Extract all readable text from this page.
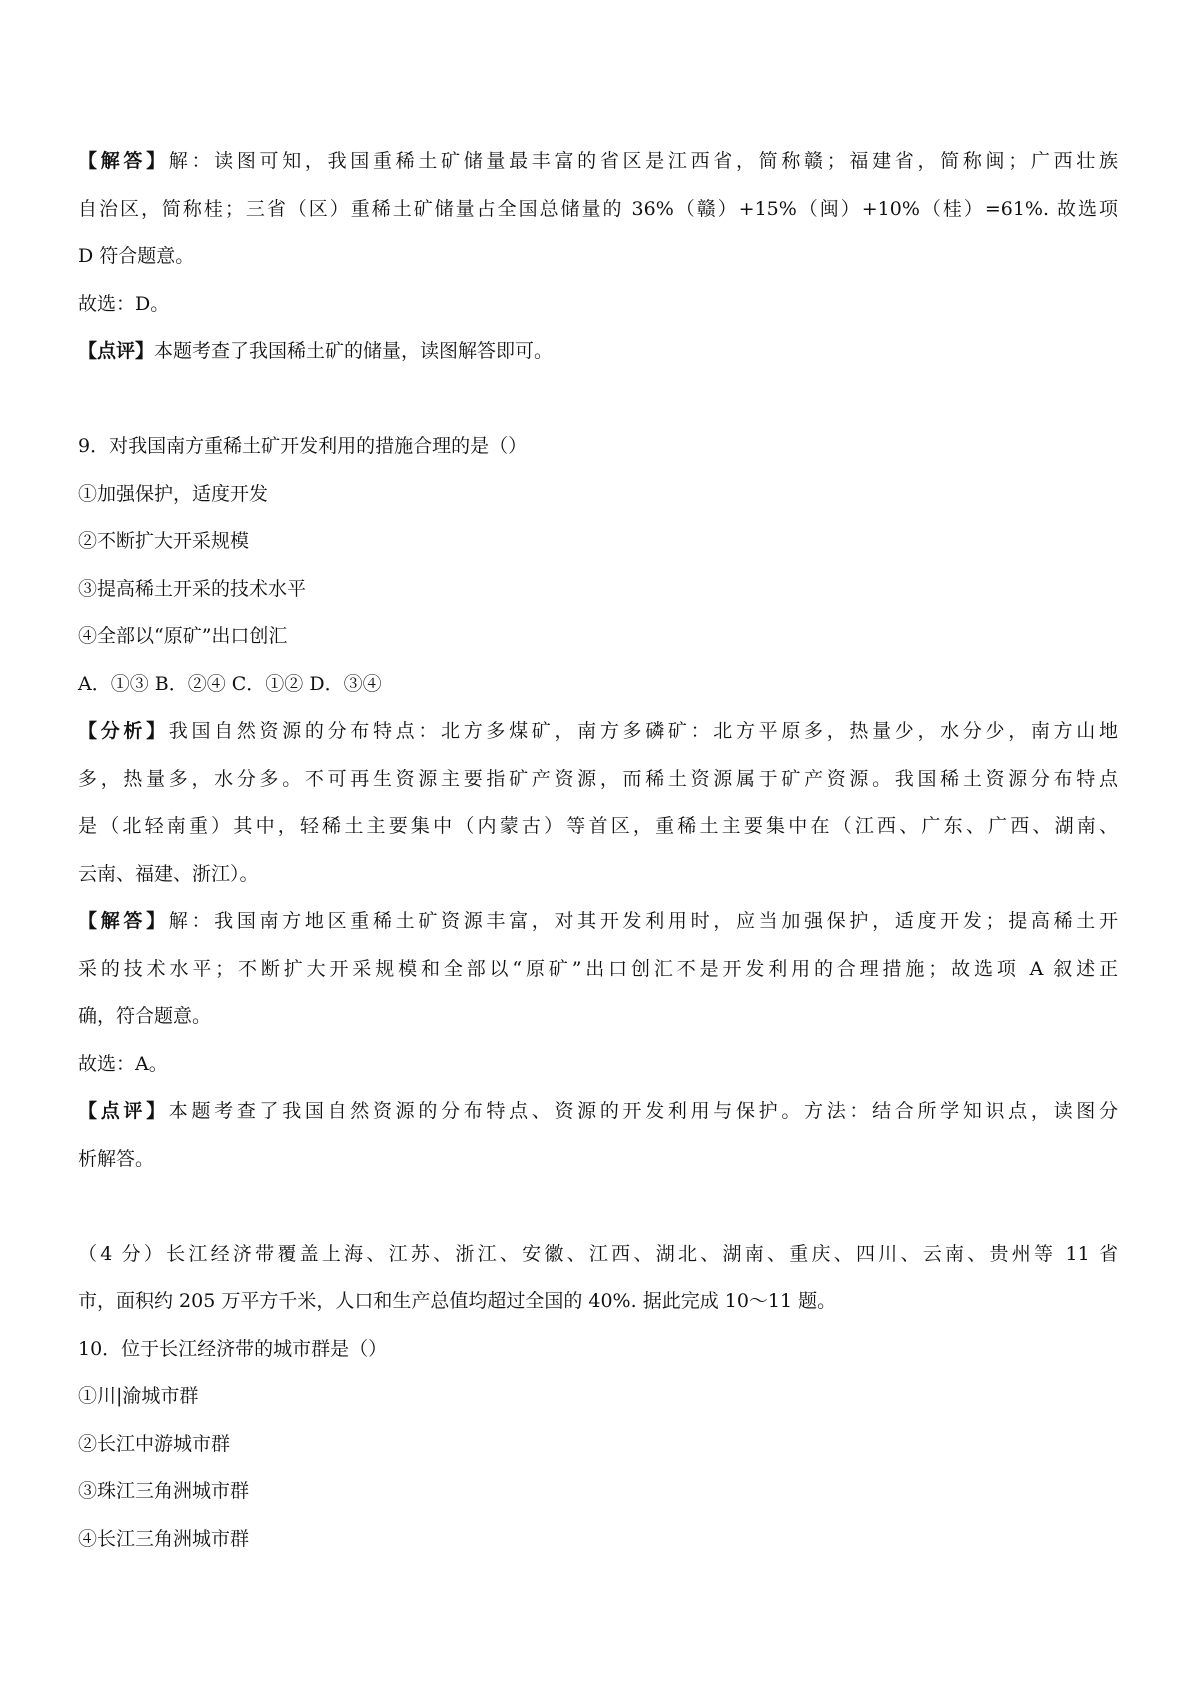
【解答】解：读图可知，我国重稀土矿储量最丰富的省区是江西省，简称赣；福建省，简称闽；广西壮族
自治区，简称桂；三省（区）重稀土矿储量占全国总储量的 36%（赣）+15%（闽）+10%（桂）=61%. 故选项
D 符合题意。
故选：D。
【点评】本题考查了我国稀土矿的储量，读图解答即可。
9．对我国南方重稀土矿开发利用的措施合理的是（）
①加强保护，适度开发
②不断扩大开采规模
③提高稀土开采的技术水平
④全部以“原矿”出口创汇
A．①③ B．②④ C．①② D．③④
【分析】我国自然资源的分布特点：北方多煤矿，南方多磷矿：北方平原多，热量少，水分少，南方山地
多，热量多，水分多。不可再生资源主要指矿产资源，而稀土资源属于矿产资源。我国稀土资源分布特点
是（北轻南重）其中，轻稀土主要集中（内蒙古）等首区，重稀土主要集中在（江西、广东、广西、湖南、
云南、福建、浙江）。
【解答】解：我国南方地区重稀土矿资源丰富，对其开发利用时，应当加强保护，适度开发；提高稀土开
采的技术水平；不断扩大开采规模和全部以“原矿”出口创汇不是开发利用的合理措施；故选项 A 叙述正
确，符合题意。
故选：A。
【点评】本题考查了我国自然资源的分布特点、资源的开发利用与保护。方法：结合所学知识点，读图分
析解答。
（4 分）长江经济带覆盖上海、江苏、浙江、安徽、江西、湖北、湖南、重庆、四川、云南、贵州等 11 省
市，面积约 205 万平方千米，人口和生产总值均超过全国的 40%. 据此完成 10～11 题。
10．位于长江经济带的城市群是（）
①川|渝城市群
②长江中游城市群
③珠江三角洲城市群
④长江三角洲城市群
